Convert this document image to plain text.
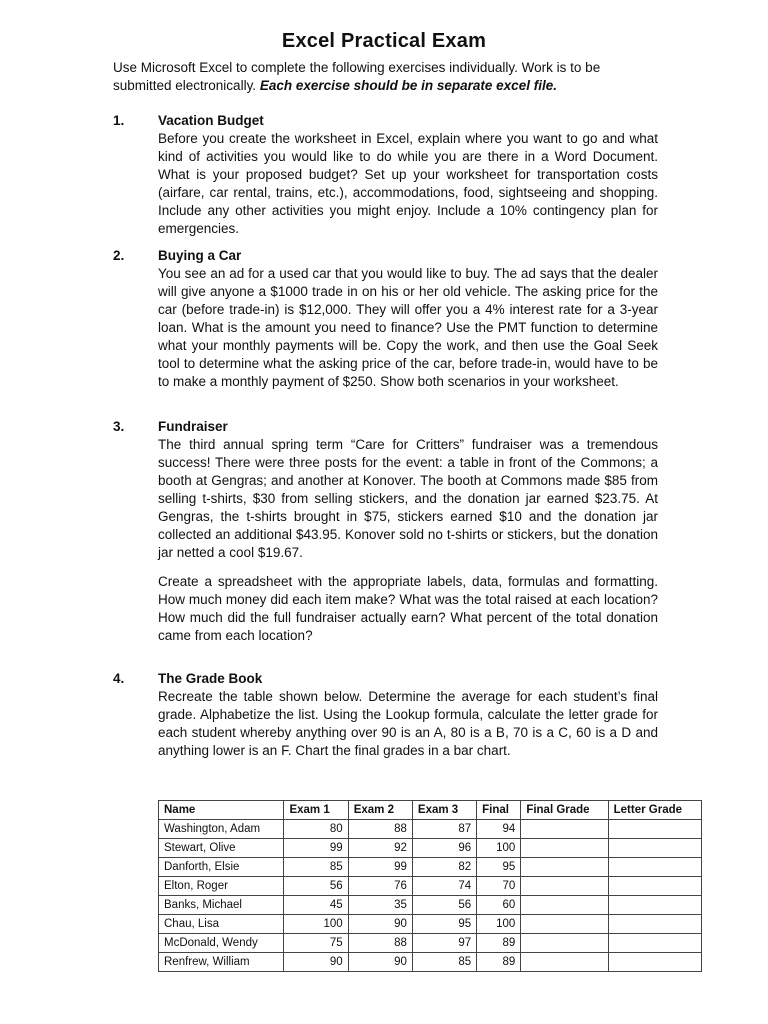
Excel Practical Exam
Use Microsoft Excel to complete the following exercises individually. Work is to be submitted electronically. Each exercise should be in separate excel file.
1. Vacation Budget

Before you create the worksheet in Excel, explain where you want to go and what kind of activities you would like to do while you are there in a Word Document. What is your proposed budget? Set up your worksheet for transportation costs (airfare, car rental, trains, etc.), accommodations, food, sightseeing and shopping. Include any other activities you might enjoy. Include a 10% contingency plan for emergencies.

2. Buying a Car

You see an ad for a used car that you would like to buy. The ad says that the dealer will give anyone a $1000 trade in on his or her old vehicle. The asking price for the car (before trade-in) is $12,000. They will offer you a 4% interest rate for a 3-year loan. What is the amount you need to finance? Use the PMT function to determine what your monthly payments will be. Copy the work, and then use the Goal Seek tool to determine what the asking price of the car, before trade-in, would have to be to make a monthly payment of $250. Show both scenarios in your worksheet.

3. Fundraiser

The third annual spring term “Care for Critters” fundraiser was a tremendous success! There were three posts for the event: a table in front of the Commons; a booth at Gengras; and another at Konover. The booth at Commons made $85 from selling t-shirts, $30 from selling stickers, and the donation jar earned $23.75. At Gengras, the t-shirts brought in $75, stickers earned $10 and the donation jar collected an additional $43.95. Konover sold no t-shirts or stickers, but the donation jar netted a cool $19.67.

Create a spreadsheet with the appropriate labels, data, formulas and formatting. How much money did each item make? What was the total raised at each location? How much did the full fundraiser actually earn? What percent of the total donation came from each location?

4. The Grade Book

Recreate the table shown below. Determine the average for each student’s final grade. Alphabetize the list. Using the Lookup formula, calculate the letter grade for each student whereby anything over 90 is an A, 80 is a B, 70 is a C, 60 is a D and anything lower is an F. Chart the final grades in a bar chart.

Name	Exam 1	Exam 2	Exam 3	Final	Final Grade	Letter Grade
Washington, Adam	80	88	87	94		
Stewart, Olive	99	92	96	100		
Danforth, Elsie	85	99	82	95		
Elton, Roger	56	76	74	70		
Banks, Michael	45	35	56	60		
Chau, Lisa	100	90	95	100		
McDonald, Wendy	75	88	97	89		
Renfrew, William	90	90	85	89		
